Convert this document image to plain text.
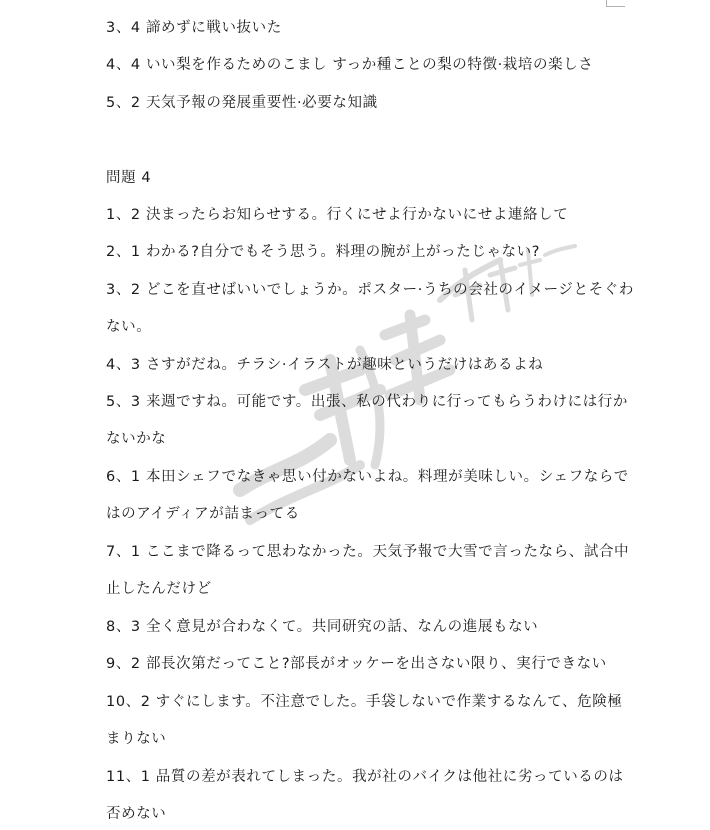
3、4 諦めずに戦い抜いた

4、4 いい梨を作るためのこまし すっか種ことの梨の特徴·栽培の楽しさ

5、2 天気予報の発展重要性·必要な知識

問題 4

1、2 決まったらお知らせする。行くにせよ行かないにせよ連絡して

2、1 わかる?自分でもそう思う。料理の腕が上がったじゃない?

3、2 どこを直せばいいでしょうか。ポスター·うちの会社のイメージとそぐわ

ない。

4、3 さすがだね。チラシ·イラストが趣味というだけはあるよね

5、3 来週ですね。可能です。出張、私の代わりに行ってもらうわけには行か

ないかな

6、1 本田シェフでなきゃ思い付かないよね。料理が美味しい。シェフならで

はのアイディアが詰まってる

7、1 ここまで降るって思わなかった。天気予報で大雪で言ったなら、試合中

止したんだけど

8、3 全く意見が合わなくて。共同研究の話、なんの進展もない

9、2 部長次第だってこと?部長がオッケーを出さない限り、実行できない

10、2 すぐにします。不注意でした。手袋しないで作業するなんて、危険極

まりない

11、1 品質の差が表れてしまった。我が社のバイクは他社に劣っているのは

否めない
